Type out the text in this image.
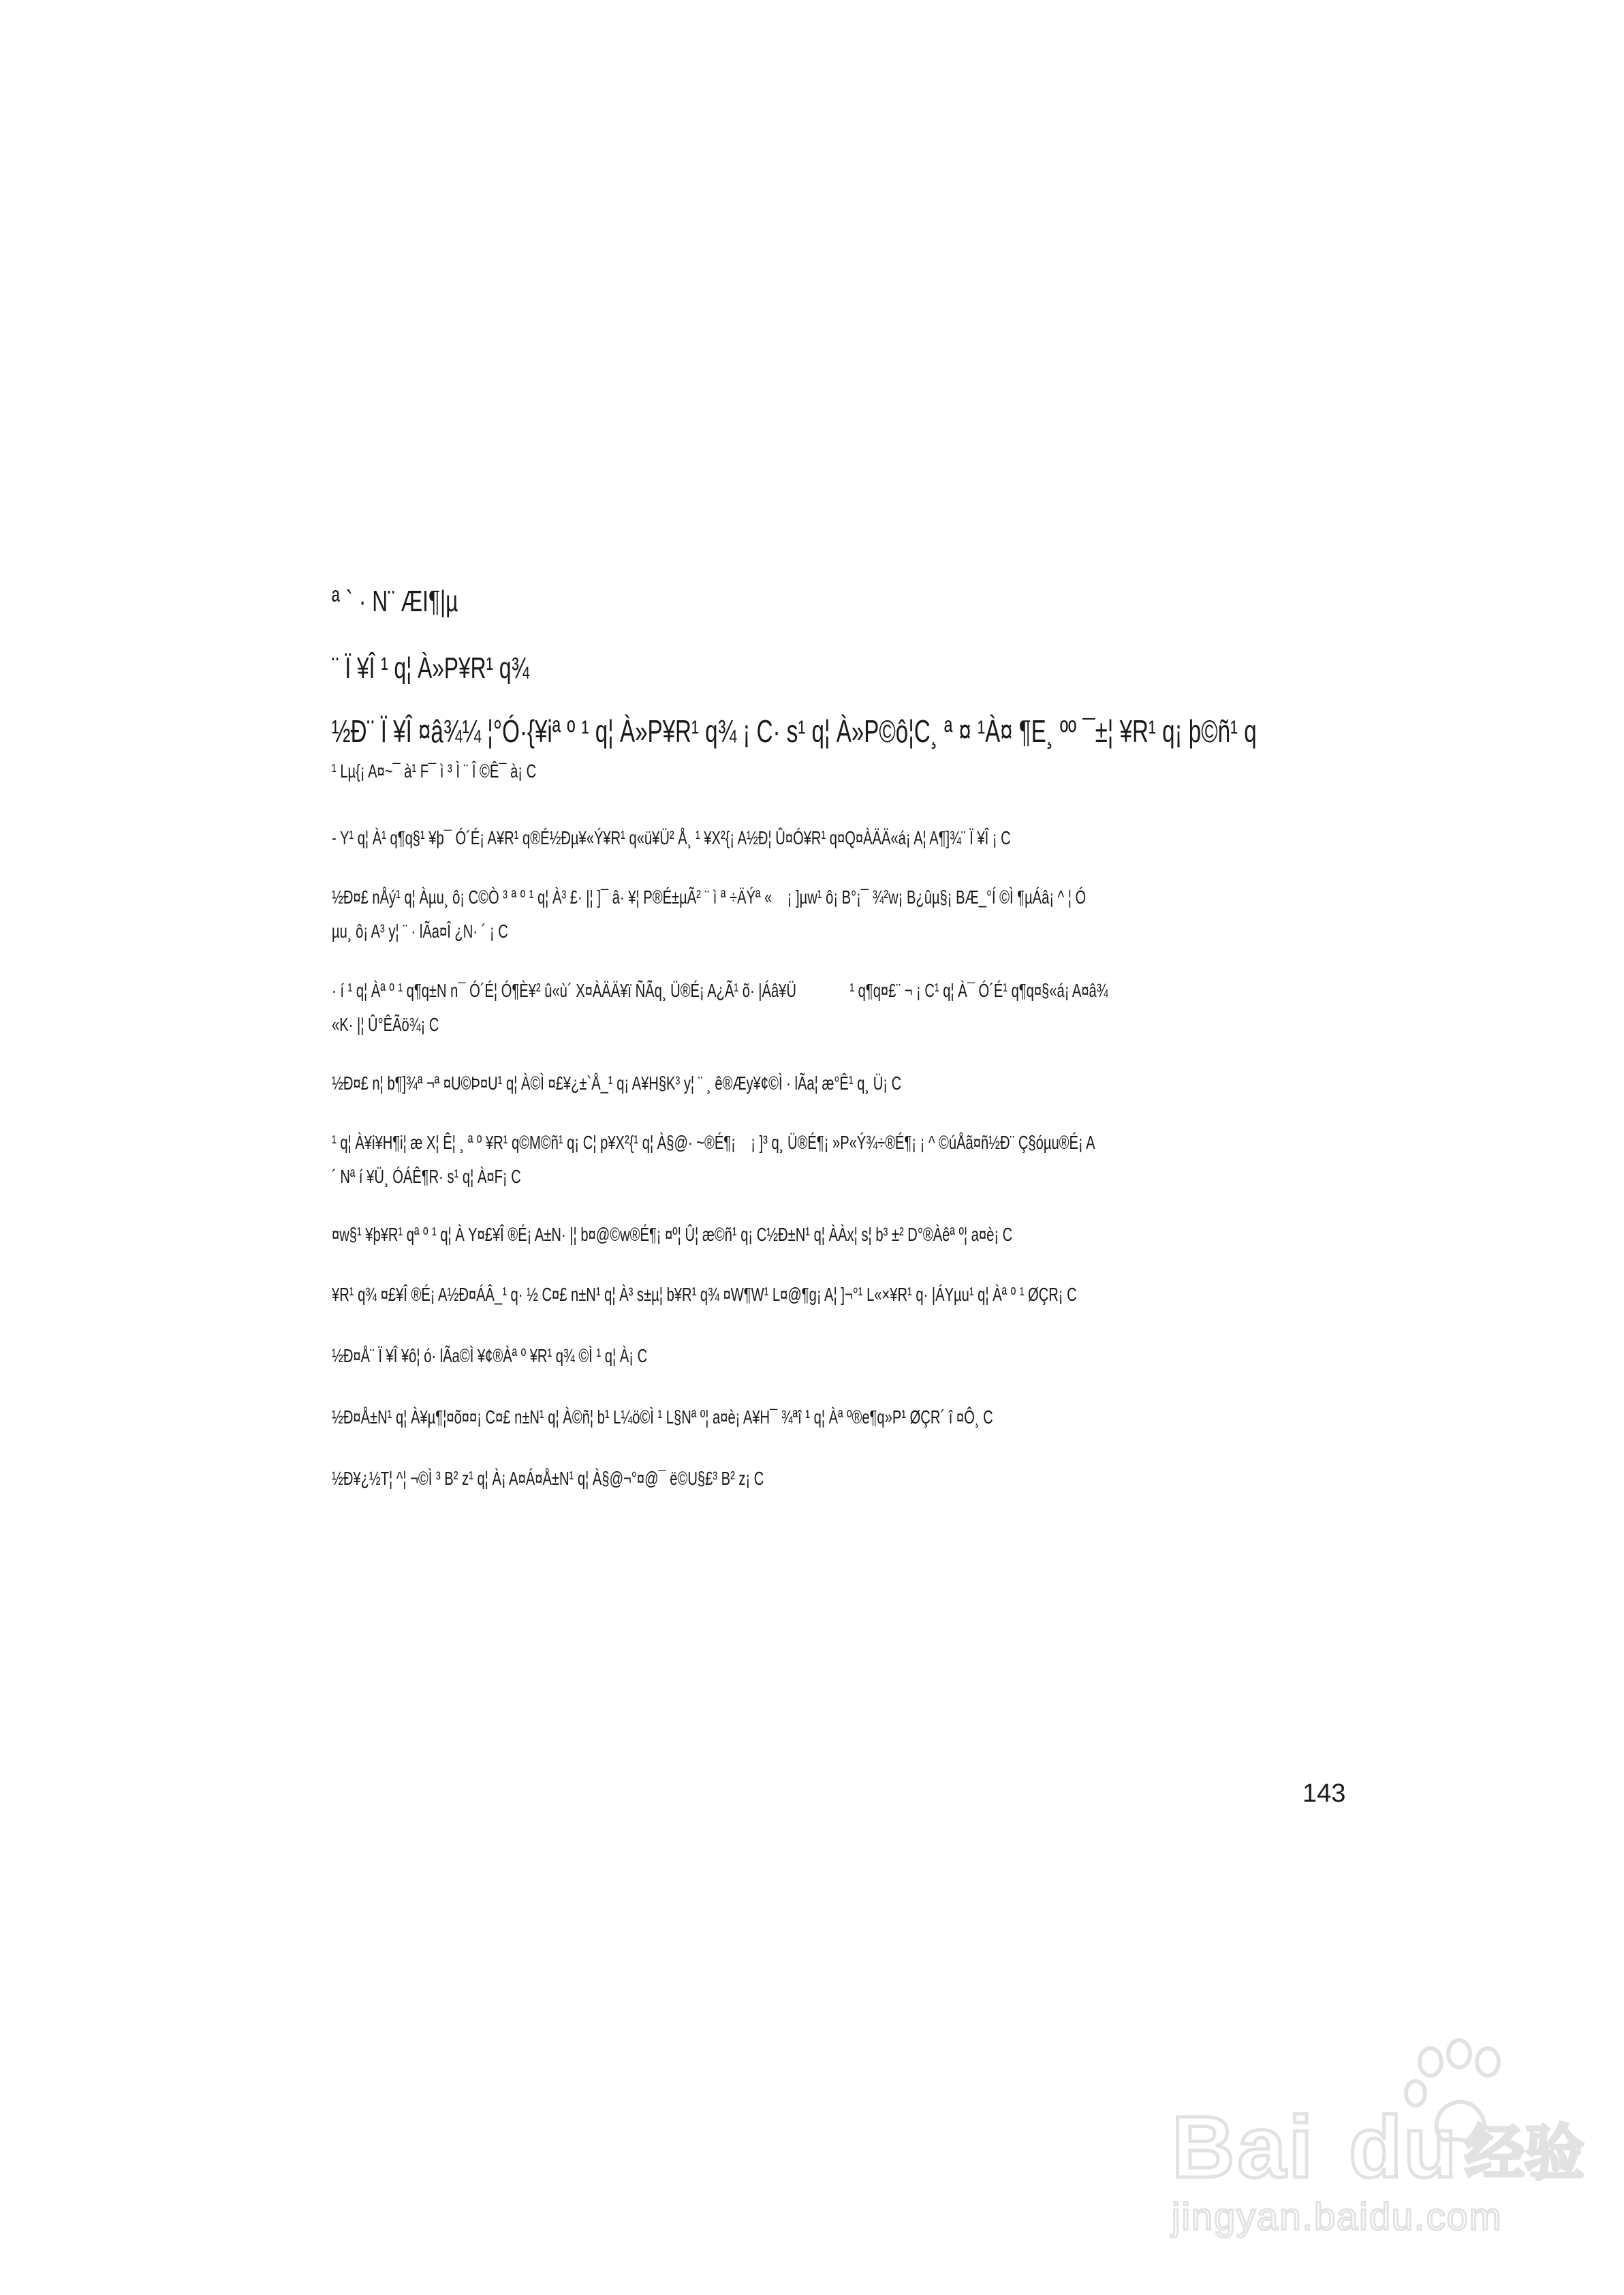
ª ` · N¨ ÆI¶|µ
¨ Ï ¥Î ¹ q¦ À»P¥R¹ q¾
½Ð¨ Ï ¥Î ¤â¾¼ ¦°Ó·{¥iª º ¹ q¦ À»P¥R¹ q¾ ¡ C· s¹ q¦ À»P©ô¦C¸ ª ¤ ¹À¤ ¶E¸ ºº ¯±¦ ¥R¹ q¡ þ©ñ¹ q
¹ Lµ{¡ A¤~¯ à¹ F¯ ì ³ Ì ¨ Î ©Ê¯ à¡ C
- Y¹ q¦ À¹ q¶q§¹ ¥þ¯ Ó´É¡ A¥R¹ q®É½Ðµ¥«Ý¥R¹ q«ü¥Ü² Å¸ ¹ ¥X²{¡ A½Ð¦ Û¤Ó¥R¹ q¤Q¤ÀÄÄ«á¡ A¦ A¶]¾¨ Ï ¥Î ¡ C
½Ð¤£ nÅý¹ q¦ Àµu¸ ô¡ C©Ò ³ ª º ¹ q¦ À³ £· |¦ ]¯ â· ¥¦ P®É±µÃ² ¨ ì ª ÷ÄÝª «    ¡ ]µw¹ ô¡ B°¡¯ ¾²w¡ B¿ûµ§¡ BÆ_°Í ©Ì ¶µÁâ¡ ^ ¦ Ó
µu¸ ô¡ A³ y¦ ¨ · lÃa¤Î ¿N· ´ ¡ C
· í ¹ q¦ Àª º ¹ q¶q±N n¯ Ó´É¦ Ó¶È¥² û«ù´ X¤ÀÄÄ¥ï ÑÃq¸ Ü®É¡ A¿Ã¹ õ· |Áâ¥Ü              ¹ q¶q¤£¨ ¬ ¡ C¹ q¦ À¯ Ó´É¹ q¶q¤§«á¡ A¤â¾
«K· |¦ Û°ÊÃö¾¡ C
½Ð¤£ n¦ b¶]¾ª ¬ª ¤U©Þ¤U¹ q¦ À©Ì ¤£¥¿±`Å_¹ q¡ A¥H§K³ y¦ ¨ ¸ ê®Æy¥¢©Ì · lÃa¦ æ°Ê¹ q¸ Ü¡ C
¹ q¦ À¥i¥H¶i¦ æ X¦ Ê¦ ¸ ª º ¥R¹ q©M©ñ¹ q¡ C¦ p¥X²{¹ q¦ À§@· ~®É¶¡    ¡ ]³ q¸ Ü®É¶¡ »P«Ý¾÷®É¶¡ ¡ ^ ©úÅã¤ñ½Ð¨ Ç§óµu®É¡ A
´ Nª í ¥Ü¸ ÓÁÊ¶R· s¹ q¦ À¤F¡ C
¤w§¹ ¥þ¥R¹ qª º ¹ q¦ À Y¤£¥Î ®É¡ A±N· |¦ b¤@©w®É¶¡ ¤º¦ Û¦ æ©ñ¹ q¡ C½Ð±N¹ q¦ ÀÀx¦ s¦ b³ ±² D°®Àêª º¦ a¤è¡ C
¥R¹ q¾ ¤£¥Î ®É¡ A½Ð¤ÁÂ_¹ q· ½ C¤£ n±N¹ q¦ À³ s±µ¦ b¥R¹ q¾ ¤W¶W¹ L¤@¶g¡ A¦ ]¬°¹ L«×¥R¹ q· |ÁYµu¹ q¦ Àª º ¹ ØÇR¡ C
½Ð¤Å¨ Ï ¥Î ¥ô¦ ó· lÃa©Ì ¥¢®Àª º ¥R¹ q¾ ©Ì ¹ q¦ À¡ C
½Ð¤Å±N¹ q¦ À¥µ¶¦¤õ¤¤¡ C¤£ n±N¹ q¦ À©ñ¦ b¹ L¼ö©Ì ¹ L§Nª º¦ a¤è¡ A¥H¯ ¾ªî ¹ q¦ Àª º®e¶q»P¹ ØÇR´ î ¤Ô¸ C
½Ð¥¿½T¦ ^¦ ¬©Ì ³ B² z¹ q¦ À¡ A¤Á¤Å±N¹ q¦ À§@¬°¤@¯ ë©U§£³ B² z¡ C
143
Bai du 经验
jingyan.baidu.com
